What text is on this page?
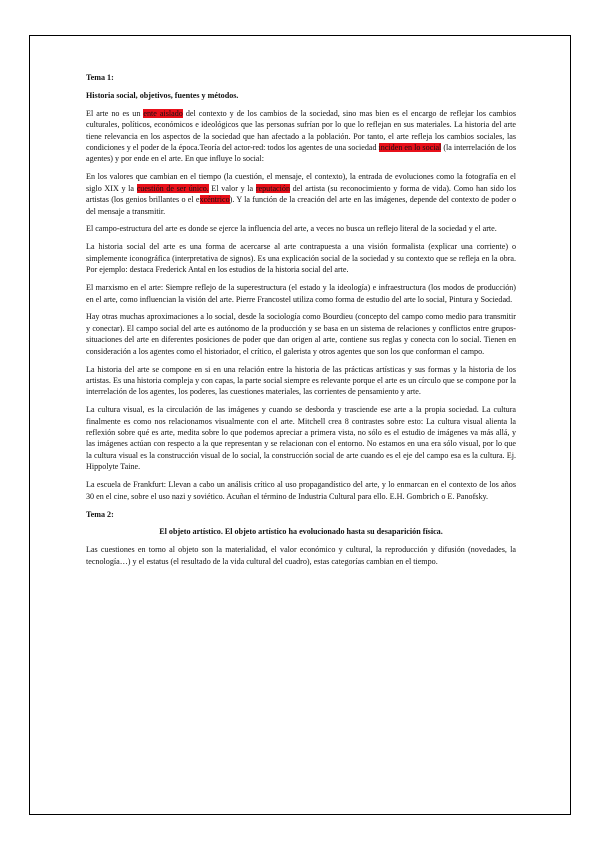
Tema 1:

Historia social, objetivos, fuentes y métodos.

El arte no es un ente aislado del contexto y de los cambios de la sociedad, sino mas bien es el encargo de reflejar los cambios culturales, políticos, económicos e ideológicos que las personas sufrían por lo que lo reflejan en sus materiales. La historia del arte tiene relevancia en los aspectos de la sociedad que han afectado a la población. Por tanto, el arte refleja los cambios sociales, las condiciones y el poder de la época.Teoría del actor-red: todos los agentes de una sociedad inciden en lo social (la interrelación de los agentes) y por ende en el arte. En que influye lo social:

En los valores que cambian en el tiempo (la cuestión, el mensaje, el contexto), la entrada de evoluciones como la fotografía en el siglo XIX y la cuestión de ser único. El valor y la reputación del artista (su reconocimiento y forma de vida). Como han sido los artistas (los genios brillantes o el excéntrico). Y la función de la creación del arte en las imágenes, depende del contexto de poder o del mensaje a transmitir.

El campo-estructura del arte es donde se ejerce la influencia del arte, a veces no busca un reflejo literal de la sociedad y el arte.

La historia social del arte es una forma de acercarse al arte contrapuesta a una visión formalista (explicar una corriente) o simplemente iconográfica (interpretativa de signos). Es una explicación social de la sociedad y su contexto que se refleja en la obra. Por ejemplo: destaca Frederick Antal en los estudios de la historia social del arte.

El marxismo en el arte: Siempre reflejo de la superestructura (el estado y la ideología) e infraestructura (los modos de producción) en el arte, como influencian la visión del arte. Pierre Francostel utiliza como forma de estudio del arte lo social, Pintura y Sociedad.

Hay otras muchas aproximaciones a lo social, desde la sociología como Bourdieu (concepto del campo como medio para transmitir y conectar). El campo social del arte es autónomo de la producción y se basa en un sistema de relaciones y conflictos entre grupos-situaciones del arte en diferentes posiciones de poder que dan origen al arte, contiene sus reglas y conecta con lo social. Tienen en consideración a los agentes como el historiador, el crítico, el galerista y otros agentes que son los que conforman el campo.

La historia del arte se compone en si en una relación entre la historia de las prácticas artísticas y sus formas y la historia de los artistas. Es una historia compleja y con capas, la parte social siempre es relevante porque el arte es un círculo que se compone por la interrelación de los agentes, los poderes, las cuestiones materiales, las corrientes de pensamiento y arte.

La cultura visual, es la circulación de las imágenes y cuando se desborda y trasciende ese arte a la propia sociedad. La cultura finalmente es como nos relacionamos visualmente con el arte. Mitchell crea 8 contrastes sobre esto: La cultura visual alienta la reflexión sobre qué es arte, medita sobre lo que podemos apreciar a primera vista, no sólo es el estudio de imágenes va más allá, y las imágenes actúan con respecto a la que representan y se relacionan con el entorno. No estamos en una era sólo visual, por lo que la cultura visual es la construcción visual de lo social, la construcción social de arte cuando es el eje del campo esa es la cultura. Ej. Hippolyte Taine.

La escuela de Frankfurt: Llevan a cabo un análisis crítico al uso propagandístico del arte, y lo enmarcan en el contexto de los años 30 en el cine, sobre el uso nazi y soviético. Acuñan el término de Industria Cultural para ello. E.H. Gombrich o E. Panofsky.

Tema 2:

El objeto artístico. El objeto artístico ha evolucionado hasta su desaparición física.

Las cuestiones en torno al objeto son la materialidad, el valor económico y cultural, la reproducción y difusión (novedades, la tecnología…) y el estatus (el resultado de la vida cultural del cuadro), estas categorías cambian en el tiempo.
